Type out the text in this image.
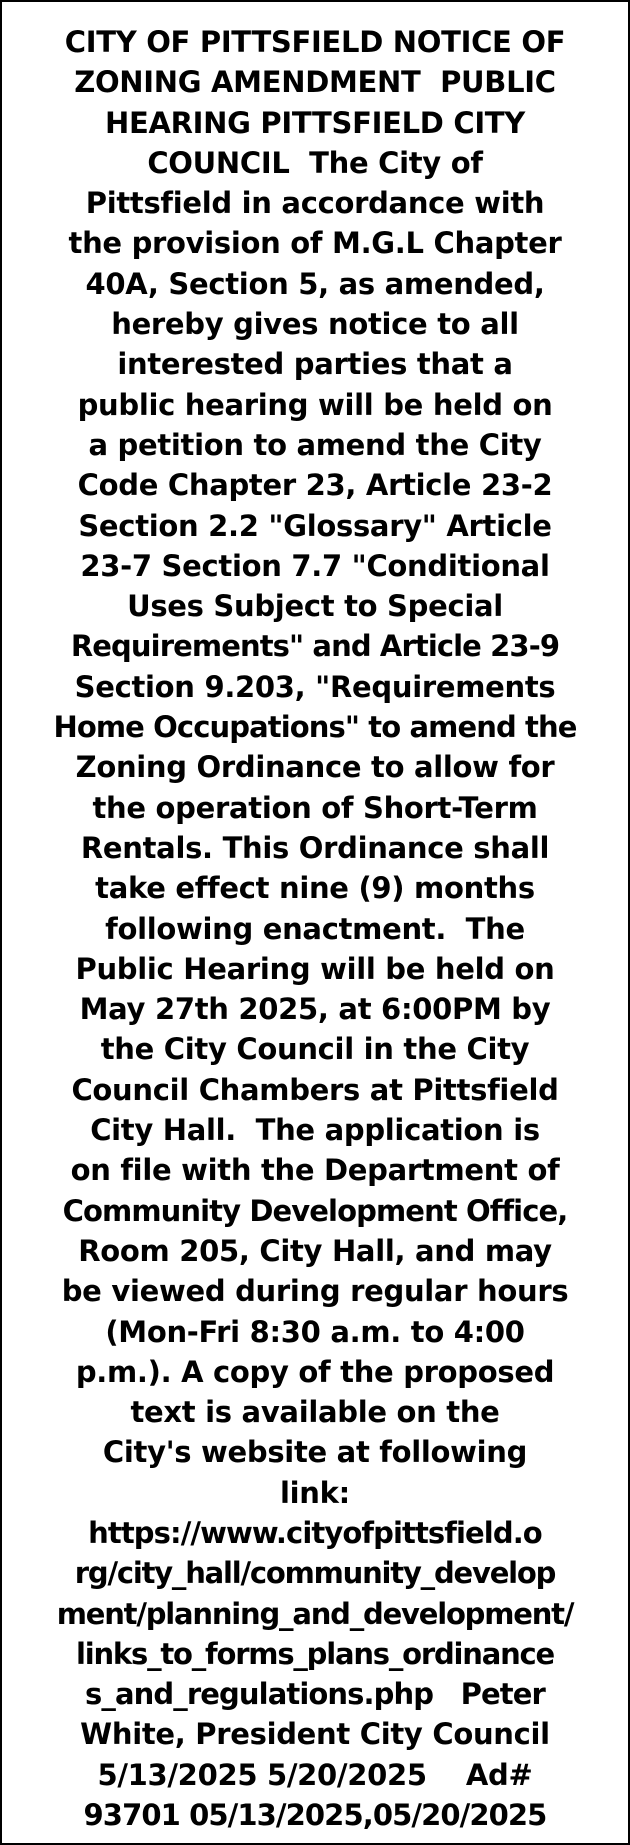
CITY OF PITTSFIELD NOTICE OF
ZONING AMENDMENT  PUBLIC
HEARING PITTSFIELD CITY
COUNCIL  The City of
Pittsfield in accordance with
the provision of M.G.L Chapter
40A, Section 5, as amended,
hereby gives notice to all
interested parties that a
public hearing will be held on
a petition to amend the City
Code Chapter 23, Article 23-2
Section 2.2 "Glossary" Article
23-7 Section 7.7 "Conditional
Uses Subject to Special
Requirements" and Article 23-9
Section 9.203, "Requirements
Home Occupations" to amend the
Zoning Ordinance to allow for
the operation of Short-Term
Rentals. This Ordinance shall
take effect nine (9) months
following enactment.  The
Public Hearing will be held on
May 27th 2025, at 6:00PM by
the City Council in the City
Council Chambers at Pittsfield
City Hall.  The application is
on file with the Department of
Community Development Office,
Room 205, City Hall, and may
be viewed during regular hours
(Mon-Fri 8:30 a.m. to 4:00
p.m.). A copy of the proposed
text is available on the
City's website at following
link:
https://www.cityofpittsfield.o
rg/city_hall/community_develop
ment/planning_and_development/
links_to_forms_plans_ordinance
s_and_regulations.php   Peter
White, President City Council
5/13/2025 5/20/2025    Ad#
93701 05/13/2025,05/20/2025
